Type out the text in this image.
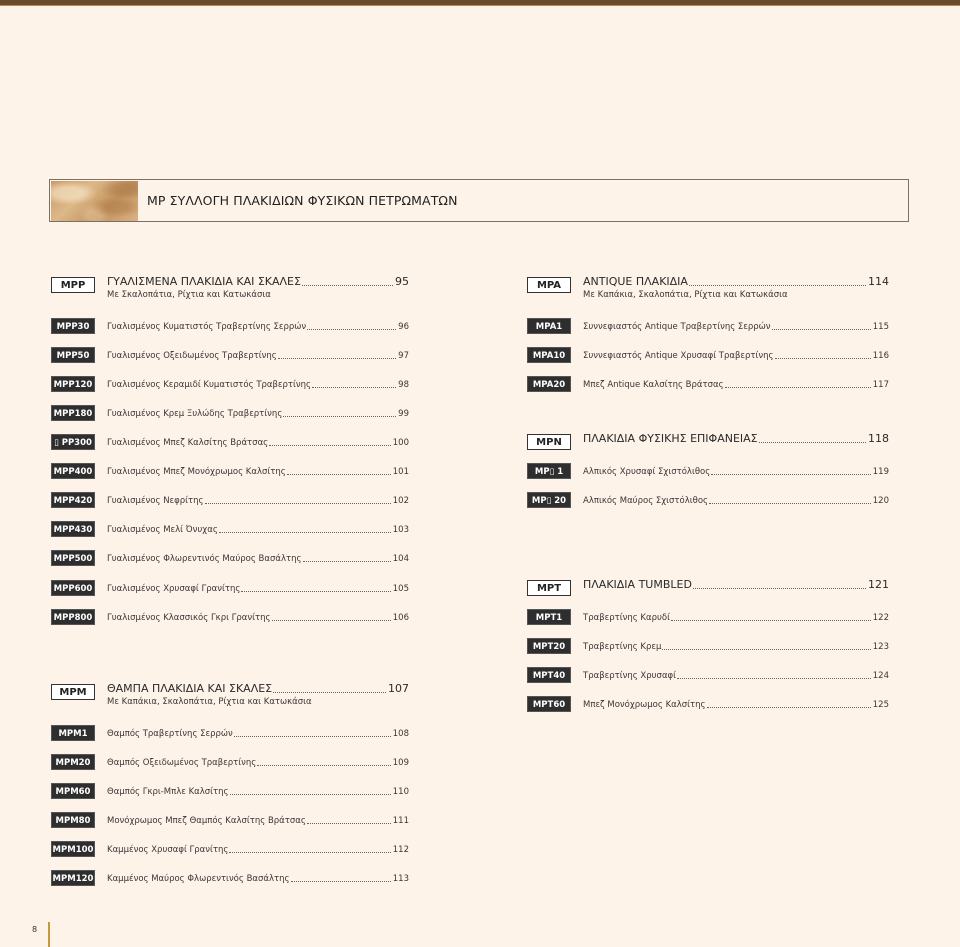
MP ΣΥΛΛΟΓΗ ΠΛΑΚΙΔΙΩΝ ΦΥΣΙΚΩΝ ΠΕΤΡΩΜΑΤΩΝ
MPP	ΓΥΑΛΙΣΜΕΝΑ ΠΛΑΚΙΔΙΑ ΚΑΙ ΣΚΑΛΕΣ	95
Με Σκαλοπάτια, Ρίχτια και Κατωκάσια
MPP30	Γυαλισμένος Κυματιστός Τραβερτίνης Σερρών	96
MPP50	Γυαλισμένος Οξειδωμένος Τραβερτίνης	97
MPP120	Γυαλισμένος Κεραμιδί Κυματιστός Τραβερτίνης	98
MPP180	Γυαλισμένος Κρεμ Ξυλώδης Τραβερτίνης	99
▯ PP300	Γυαλισμένος Μπεζ Καλσίτης Βράτσας	100
MPP400	Γυαλισμένος Μπεζ Μονόχρωμος Καλσίτης	101
MPP420	Γυαλισμένος Νεφρίτης	102
MPP430	Γυαλισμένος Μελί Όνυχας	103
MPP500	Γυαλισμένος Φλωρεντινός Μαύρος Βασάλτης	104
MPP600	Γυαλισμένος Χρυσαφί Γρανίτης	105
MPP800	Γυαλισμένος Κλασσικός Γκρι Γρανίτης	106
MPM	ΘΑΜΠΑ ΠΛΑΚΙΔΙΑ ΚΑΙ ΣΚΑΛΕΣ	107
Με Καπάκια, Σκαλοπάτια, Ρίχτια και Κατωκάσια
MPM1	Θαμπός Τραβερτίνης Σερρών	108
MPM20	Θαμπός Οξειδωμένος Τραβερτίνης	109
MPM60	Θαμπός Γκρι-Μπλε Καλσίτης	110
MPM80	Μονόχρωμος Μπεζ Θαμπός Καλσίτης Βράτσας	111
MPM100 Καμμένος Χρυσαφί Γρανίτης	112
MPM120 Καμμένος Μαύρος Φλωρεντινός Βασάλτης	113
MPA	ANTIQUE ΠΛΑΚΙΔΙΑ	114
Με Καπάκια, Σκαλοπάτια, Ρίχτια και Κατωκάσια
MPA1	Συννεφιαστός Antique Τραβερτίνης Σερρών	115
MPA10	Συννεφιαστός Antique Χρυσαφί Τραβερτίνης	116
MPA20	Μπεζ Antique Καλσίτης Βράτσας	117
MPN	ΠΛΑΚΙΔΙΑ ΦΥΣΙΚΗΣ ΕΠΙΦΑΝΕΙΑΣ	118
MP▯ 1	Αλπικός Χρυσαφί Σχιστόλιθος	119
MP▯ 20	Αλπικός Μαύρος Σχιστόλιθος	120
MPT	ΠΛΑΚΙΔΙΑ TUMBLED	121
MPT1	Τραβερτίνης Καρυδί	122
MPT20	Τραβερτίνης Κρεμ	123
MPT40	Τραβερτίνης Χρυσαφί	124
MPT60	Μπεζ Μονόχρωμος Καλσίτης	125
8
